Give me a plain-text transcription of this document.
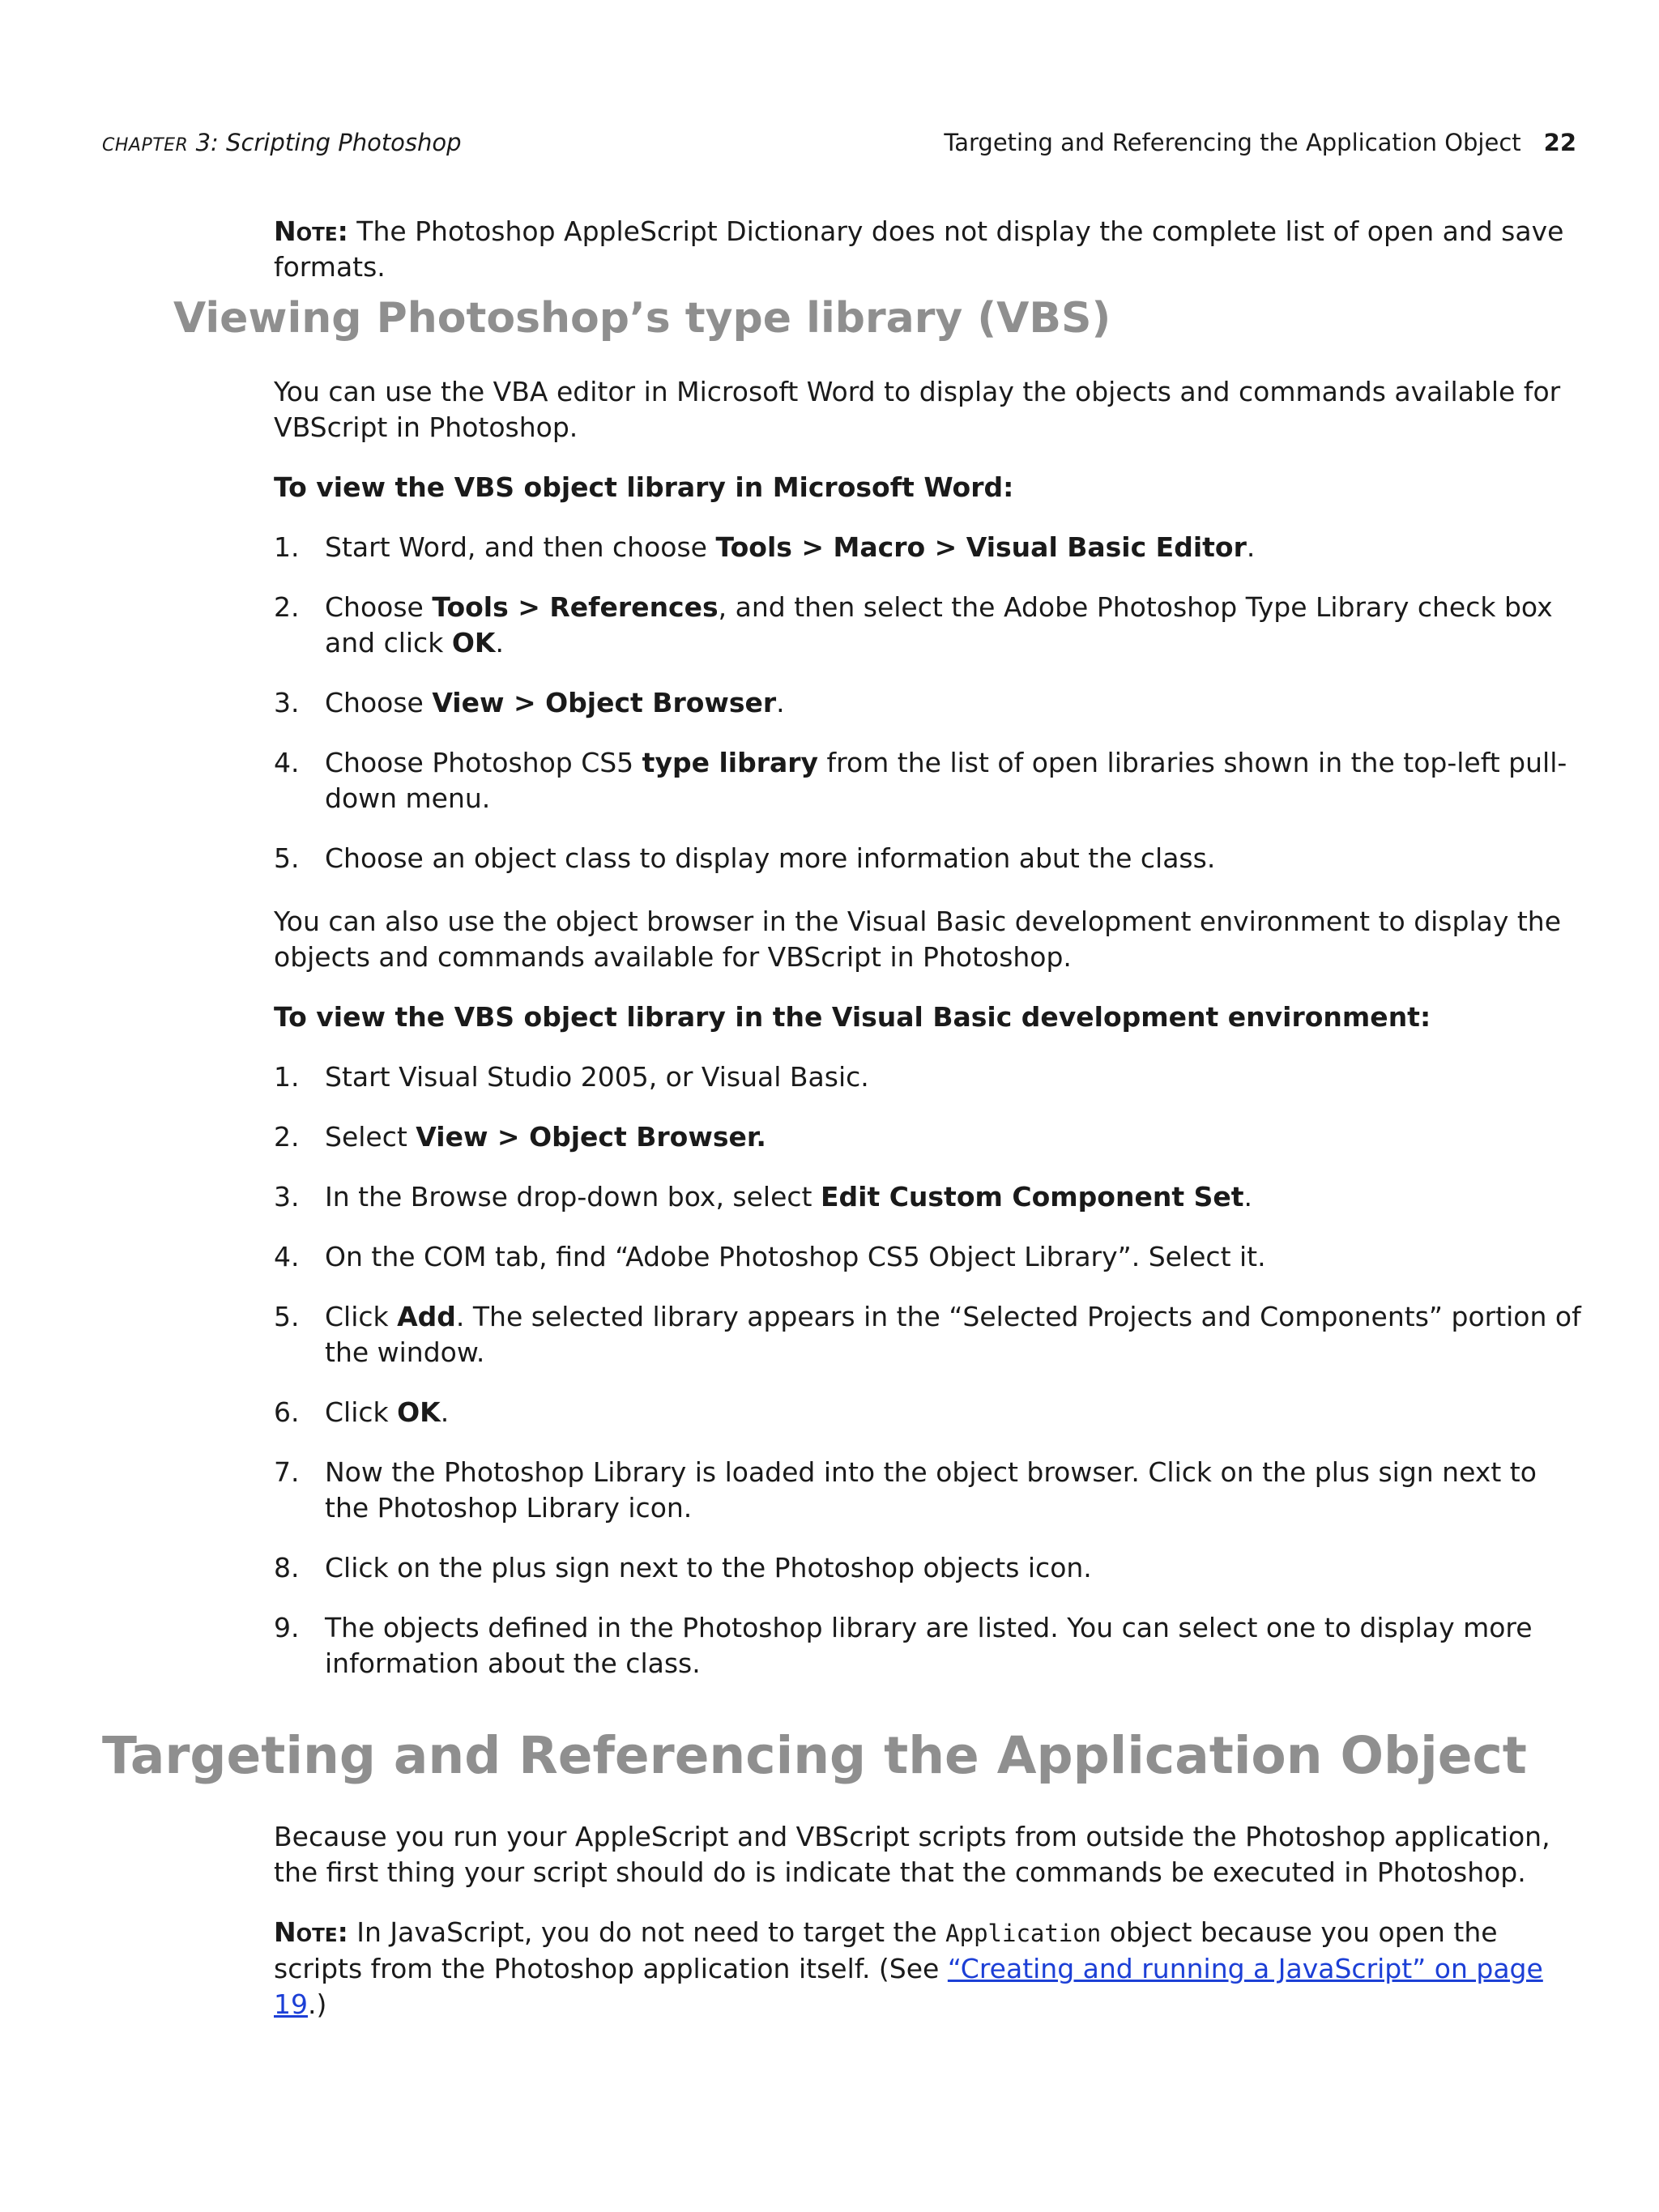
CHAPTER 3: Scripting Photoshop	Targeting and Referencing the Application Object 22

Note: The Photoshop AppleScript Dictionary does not display the complete list of open and save formats.

Viewing Photoshop’s type library (VBS)

You can use the VBA editor in Microsoft Word to display the objects and commands available for VBScript in Photoshop.

To view the VBS object library in Microsoft Word:

1. Start Word, and then choose Tools > Macro > Visual Basic Editor.
2. Choose Tools > References, and then select the Adobe Photoshop Type Library check box and click OK.
3. Choose View > Object Browser.
4. Choose Photoshop CS5 type library from the list of open libraries shown in the top-left pull-down menu.
5. Choose an object class to display more information abut the class.

You can also use the object browser in the Visual Basic development environment to display the objects and commands available for VBScript in Photoshop.

To view the VBS object library in the Visual Basic development environment:

1. Start Visual Studio 2005, or Visual Basic.
2. Select View > Object Browser.
3. In the Browse drop-down box, select Edit Custom Component Set.
4. On the COM tab, find “Adobe Photoshop CS5 Object Library”. Select it.
5. Click Add. The selected library appears in the “Selected Projects and Components” portion of the window.
6. Click OK.
7. Now the Photoshop Library is loaded into the object browser. Click on the plus sign next to the Photoshop Library icon.
8. Click on the plus sign next to the Photoshop objects icon.
9. The objects defined in the Photoshop library are listed. You can select one to display more information about the class.
Targeting and Referencing the Application Object

Because you run your AppleScript and VBScript scripts from outside the Photoshop application, the first thing your script should do is indicate that the commands be executed in Photoshop.

Note: In JavaScript, you do not need to target the Application object because you open the scripts from the Photoshop application itself. (See “Creating and running a JavaScript” on page 19.)
